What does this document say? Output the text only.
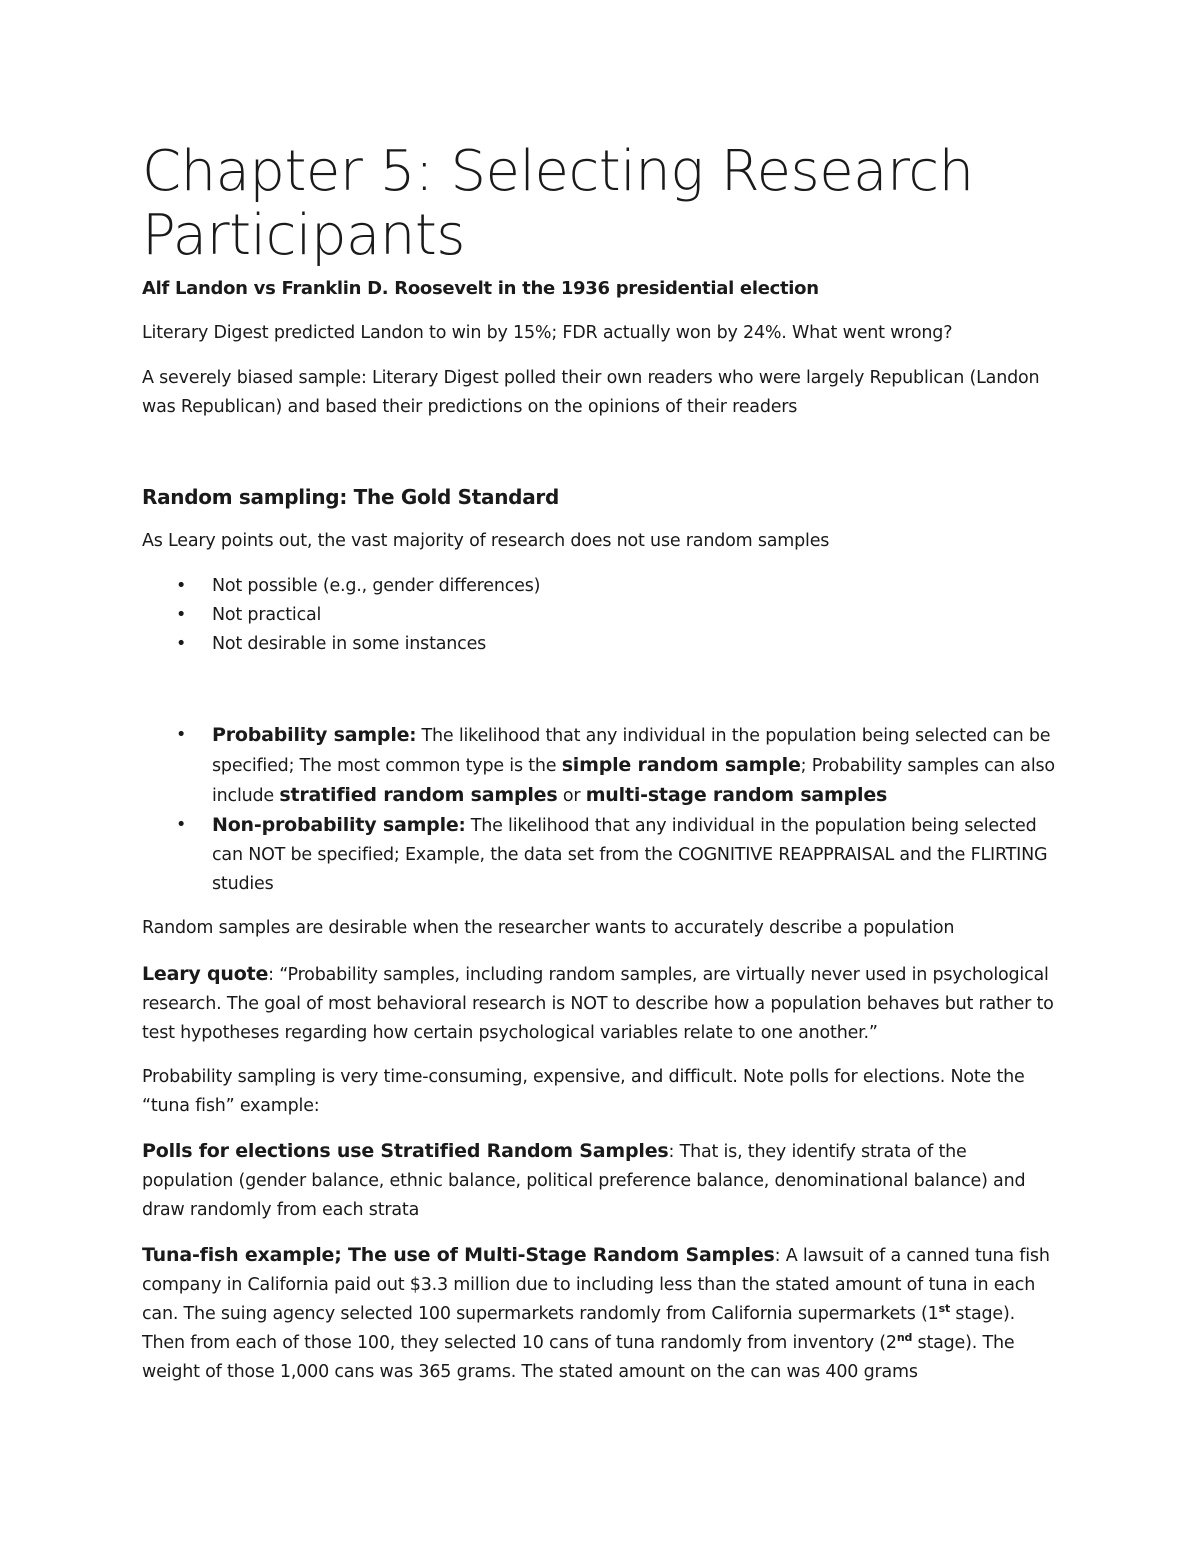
Chapter 5: Selecting Research
Participants

Alf Landon vs Franklin D. Roosevelt in the 1936 presidential election

Literary Digest predicted Landon to win by 15%; FDR actually won by 24%. What went wrong?

A severely biased sample: Literary Digest polled their own readers who were largely Republican (Landon was Republican) and based their predictions on the opinions of their readers

Random sampling: The Gold Standard

As Leary points out, the vast majority of research does not use random samples

• Not possible (e.g., gender differences)
• Not practical
• Not desirable in some instances
• Probability sample: The likelihood that any individual in the population being selected can be specified; The most common type is the simple random sample; Probability samples can also include stratified random samples or multi-stage random samples
• Non-probability sample: The likelihood that any individual in the population being selected can NOT be specified; Example, the data set from the COGNITIVE REAPPRAISAL and the FLIRTING studies

Random samples are desirable when the researcher wants to accurately describe a population

Leary quote: “Probability samples, including random samples, are virtually never used in psychological research. The goal of most behavioral research is NOT to describe how a population behaves but rather to test hypotheses regarding how certain psychological variables relate to one another.”

Probability sampling is very time-consuming, expensive, and difficult. Note polls for elections. Note the “tuna fish” example:

Polls for elections use Stratified Random Samples: That is, they identify strata of the population (gender balance, ethnic balance, political preference balance, denominational balance) and draw randomly from each strata

Tuna-fish example; The use of Multi-Stage Random Samples: A lawsuit of a canned tuna fish company in California paid out $3.3 million due to including less than the stated amount of tuna in each can. The suing agency selected 100 supermarkets randomly from California supermarkets (1st stage). Then from each of those 100, they selected 10 cans of tuna randomly from inventory (2nd stage). The weight of those 1,000 cans was 365 grams. The stated amount on the can was 400 grams
